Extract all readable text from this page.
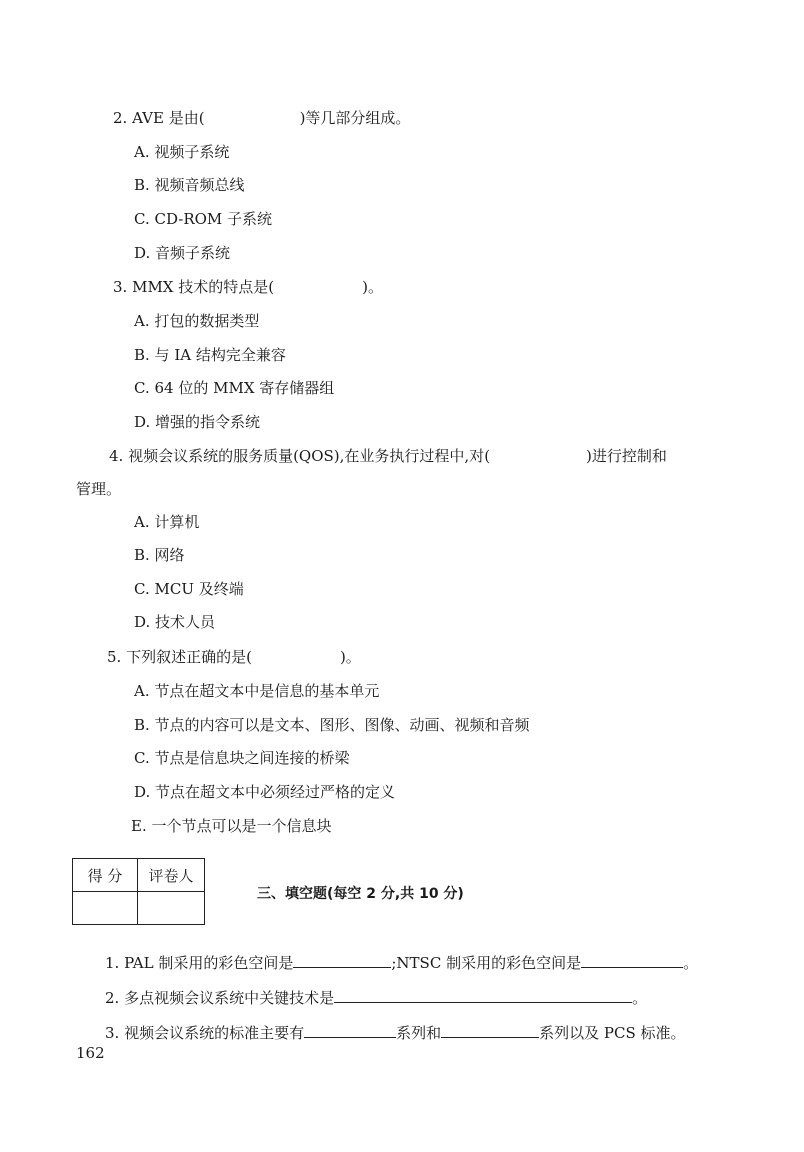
2. AVE 是由(	)等几部分组成。
A. 视频子系统
B. 视频音频总线
C. CD-ROM 子系统
D. 音频子系统
3. MMX 技术的特点是(	)。
A. 打包的数据类型
B. 与 IA 结构完全兼容
C. 64 位的 MMX 寄存储器组
D. 增强的指令系统
4. 视频会议系统的服务质量(QOS),在业务执行过程中,对(	)进行控制和
管理。
A. 计算机
B. 网络
C. MCU 及终端
D. 技术人员
5. 下列叙述正确的是(	)。
A. 节点在超文本中是信息的基本单元
B. 节点的内容可以是文本、图形、图像、动画、视频和音频
C. 节点是信息块之间连接的桥梁
D. 节点在超文本中必须经过严格的定义
E. 一个节点可以是一个信息块
得 分	评卷人

三、填空题(每空 2 分,共 10 分)
1. PAL 制采用的彩色空间是	;NTSC 制采用的彩色空间是	。
2. 多点视频会议系统中关键技术是	。
3. 视频会议系统的标准主要有	系列和	系列以及 PCS 标准。
162
